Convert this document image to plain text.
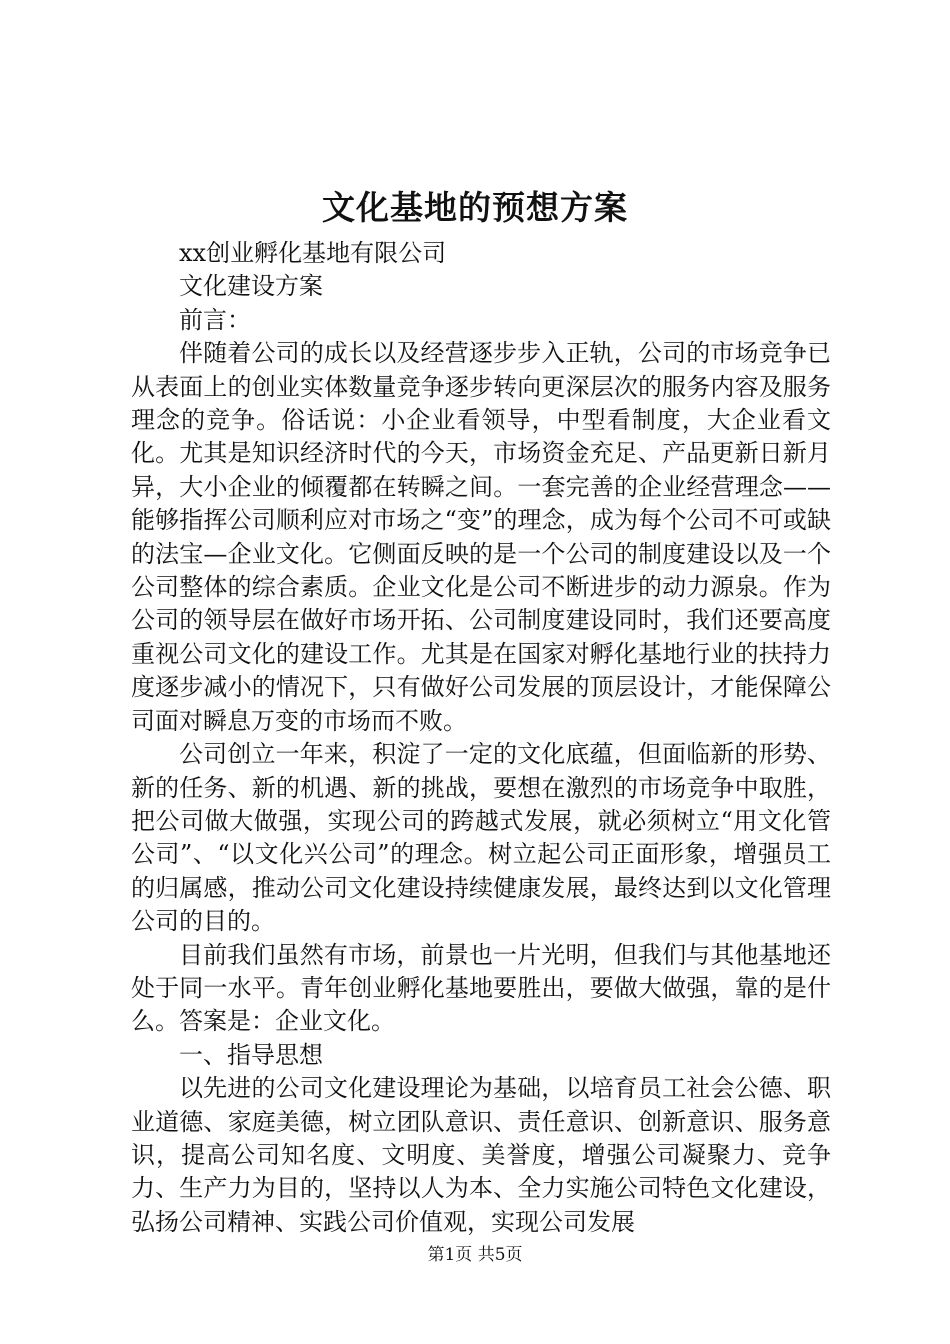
文化基地的预想方案

xx创业孵化基地有限公司

文化建设方案

前言：

伴随着公司的成长以及经营逐步步入正轨，公司的市场竞争已从表面上的创业实体数量竞争逐步转向更深层次的服务内容及服务理念的竞争。俗话说：小企业看领导，中型看制度，大企业看文化。尤其是知识经济时代的今天，市场资金充足、产品更新日新月异，大小企业的倾覆都在转瞬之间。一套完善的企业经营理念——能够指挥公司顺利应对市场之“变”的理念，成为每个公司不可或缺的法宝—企业文化。它侧面反映的是一个公司的制度建设以及一个公司整体的综合素质。企业文化是公司不断进步的动力源泉。作为公司的领导层在做好市场开拓、公司制度建设同时，我们还要高度重视公司文化的建设工作。尤其是在国家对孵化基地行业的扶持力度逐步减小的情况下，只有做好公司发展的顶层设计，才能保障公司面对瞬息万变的市场而不败。

公司创立一年来，积淀了一定的文化底蕴，但面临新的形势、新的任务、新的机遇、新的挑战，要想在激烈的市场竞争中取胜，把公司做大做强，实现公司的跨越式发展，就必须树立“用文化管公司”、“以文化兴公司”的理念。树立起公司正面形象，增强员工的归属感，推动公司文化建设持续健康发展，最终达到以文化管理公司的目的。

目前我们虽然有市场，前景也一片光明，但我们与其他基地还处于同一水平。青年创业孵化基地要胜出，要做大做强，靠的是什么。答案是：企业文化。

一、指导思想

以先进的公司文化建设理论为基础，以培育员工社会公德、职业道德、家庭美德，树立团队意识、责任意识、创新意识、服务意识，提高公司知名度、文明度、美誉度，增强公司凝聚力、竞争力、生产力为目的，坚持以人为本、全力实施公司特色文化建设，弘扬公司精神、实践公司价值观，实现公司发展

第1页 共5页
